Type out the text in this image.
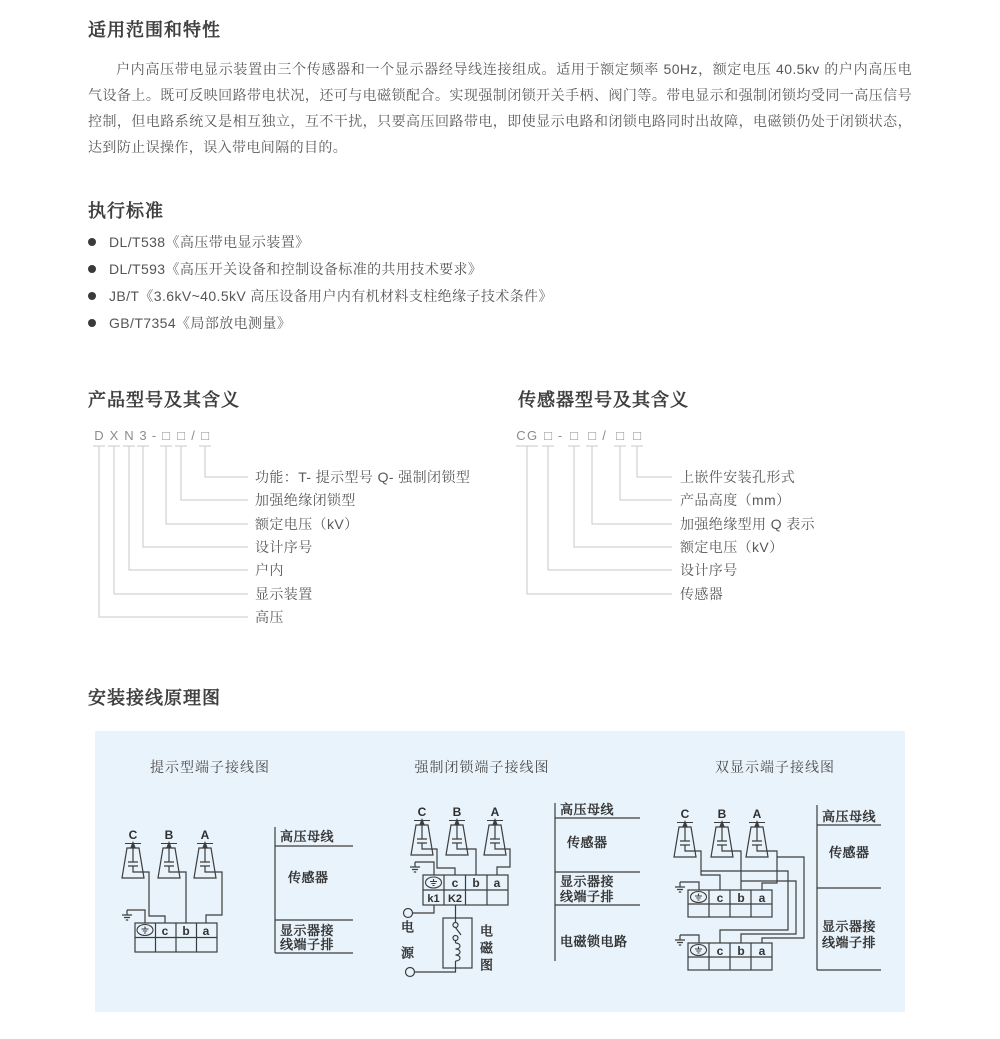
适用范围和特性
户内高压带电显示装置由三个传感器和一个显示器经导线连接组成。适用于额定频率 50Hz，额定电压 40.5kv 的户内高压电气设备上。既可反映回路带电状况，还可与电磁锁配合。实现强制闭锁开关手柄、阀门等。带电显示和强制闭锁均受同一高压信号控制，但电路系统又是相互独立，互不干扰，只要高压回路带电，即使显示电路和闭锁电路同时出故障，电磁锁仍处于闭锁状态，达到防止误操作，误入带电间隔的目的。
执行标准
DL/T538《高压带电显示装置》
DL/T593《高压开关设备和控制设备标准的共用技术要求》
JB/T《3.6kV~40.5kV 高压设备用户内有机材料支柱绝缘子技术条件》
GB/T7354《局部放电测量》
产品型号及其含义	传感器型号及其含义
D X N 3 - □ □ / □
功能：T- 提示型号 Q- 强制闭锁型
加强绝缘闭锁型
额定电压（kV）
设计序号
户内
显示装置
高压
C G □ - □ □ / □ □
上嵌件安装孔形式
产品高度（mm）
加强绝缘型用 Q 表示
额定电压（kV）
设计序号
传感器
安装接线原理图
c b a
c b a
k1 K2	c b a
c b a
提示型端子接线图	强制闭锁端子接线图	双显示端子接线图
C	B	A
C	B	A	C	B	A
高压母线
传感器
显示器接
线端子排
高压母线
传感器
显示器接
线端子排
电磁锁电路
高压母线
传感器
显示器接
线端子排
电源	电磁图
